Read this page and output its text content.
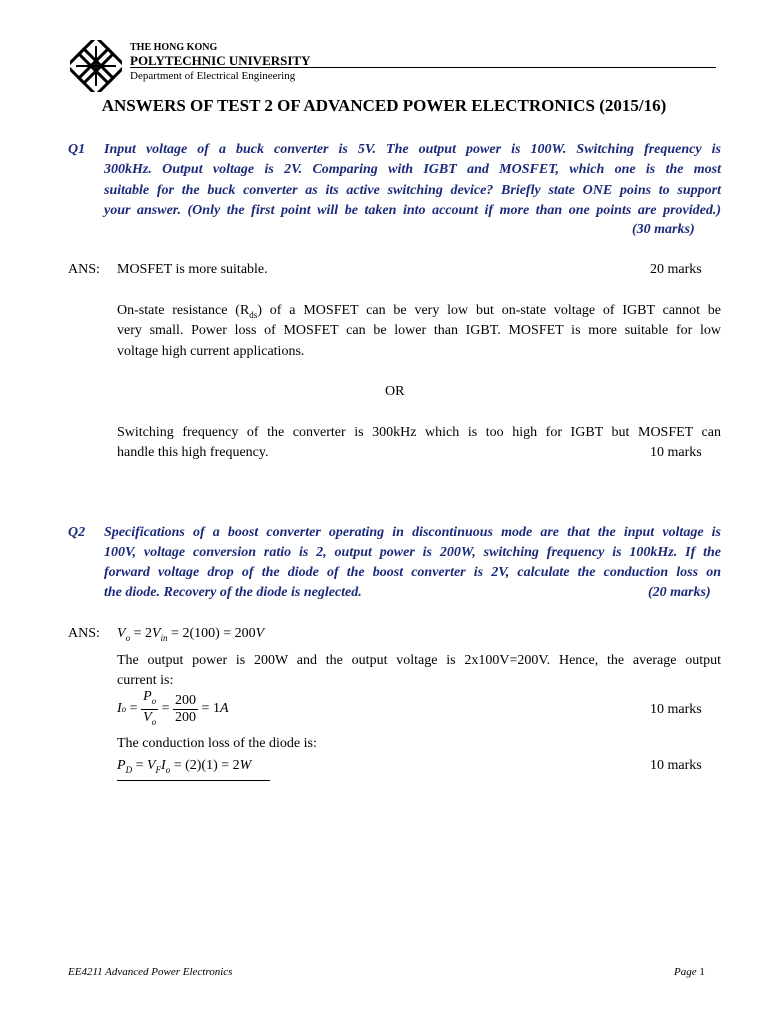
THE HONG KONG
POLYTECHNIC UNIVERSITY
Department of Electrical Engineering
ANSWERS OF TEST 2 OF ADVANCED POWER ELECTRONICS (2015/16)
Q1 Input voltage of a buck converter is 5V. The output power is 100W. Switching frequency is
300kHz. Output voltage is 2V. Comparing with IGBT and MOSFET, which one is the most
suitable for the buck converter as its active switching device? Briefly state ONE poins to support
your answer. (Only the first point will be taken into account if more than one points are provided.)
(30 marks)
ANS: MOSFET is more suitable.	20 marks
On-state resistance $(R_{ds})$ of a MOSFET can be very low but on-state voltage of IGBT cannot be
very small. Power loss of MOSFET can be lower than IGBT. MOSFET is more suitable for low
voltage high current applications.
OR
Switching frequency of the converter is 300kHz which is too high for IGBT but MOSFET can
handle this high frequency.	10 marks
Q2 Specifications of a boost converter operating in discontinuous mode are that the input voltage is
100V, voltage conversion ratio is 2, output power is 200W, switching frequency is 100kHz. If the
forward voltage drop of the diode of the boost converter is 2V, calculate the conduction loss on
the diode. Recovery of the diode is neglected.	(20 marks)
ANS: $V_o = 2V_{in} = 2(100) = 200V$
The output power is 200W and the output voltage is 2x100V=200V. Hence, the average output
current is:
I $o = \frac{P_o}{V_o} = \frac{200}{200} = 1$ A	10 marks
The conduction loss of the diode is:
$P_D = V_FI_o = (2)(1) = 2W$	10 marks
EE4211 Advanced Power Electronics	Page 1
